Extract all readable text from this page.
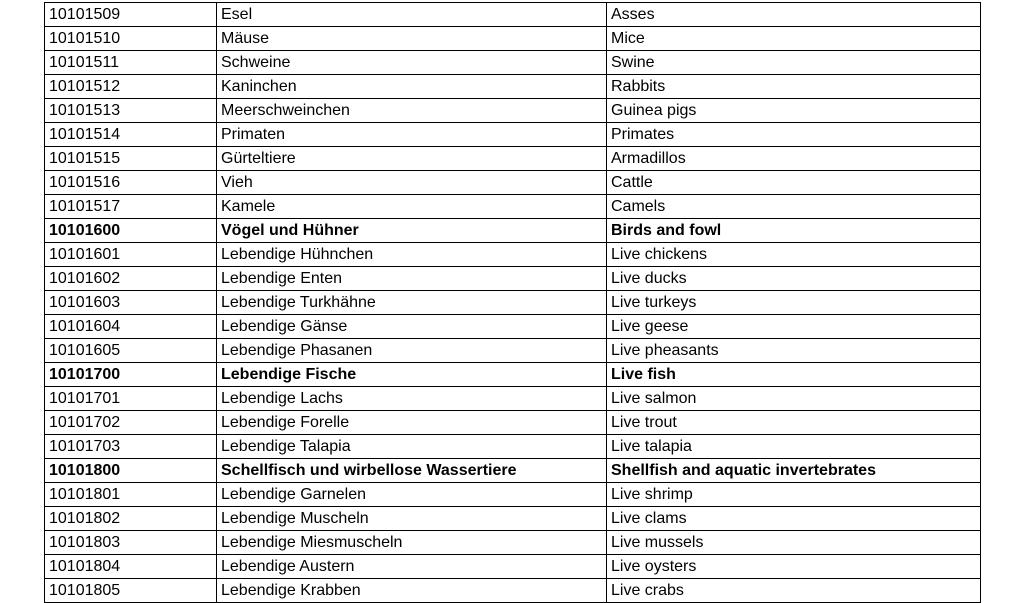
10101509	Esel	Asses
10101510	Mäuse	Mice
10101511	Schweine	Swine
10101512	Kaninchen	Rabbits
10101513	Meerschweinchen	Guinea pigs
10101514	Primaten	Primates
10101515	Gürteltiere	Armadillos
10101516	Vieh	Cattle
10101517	Kamele	Camels
10101600	Vögel und Hühner	Birds and fowl
10101601	Lebendige Hühnchen	Live chickens
10101602	Lebendige Enten	Live ducks
10101603	Lebendige Turkhähne	Live turkeys
10101604	Lebendige Gänse	Live geese
10101605	Lebendige Phasanen	Live pheasants
10101700	Lebendige Fische	Live fish
10101701	Lebendige Lachs	Live salmon
10101702	Lebendige Forelle	Live trout
10101703	Lebendige Talapia	Live talapia
10101800	Schellfisch und wirbellose Wassertiere	Shellfish and aquatic invertebrates
10101801	Lebendige Garnelen	Live shrimp
10101802	Lebendige Muscheln	Live clams
10101803	Lebendige Miesmuscheln	Live mussels
10101804	Lebendige Austern	Live oysters
10101805	Lebendige Krabben	Live crabs
